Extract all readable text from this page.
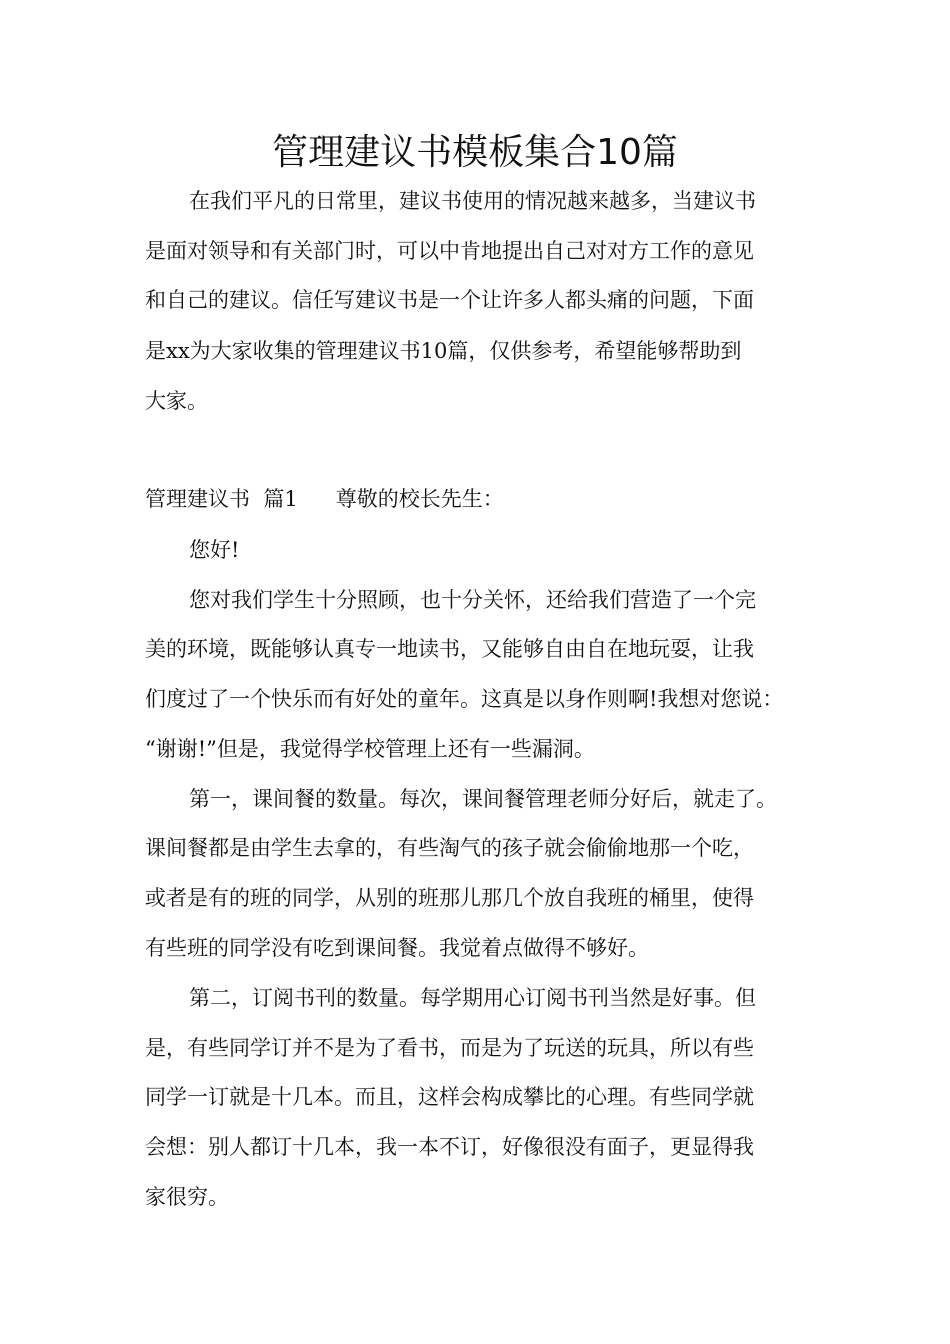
管理建议书模板集合10篇
在我们平凡的日常里，建议书使用的情况越来越多，当建议书
是面对领导和有关部门时，可以中肯地提出自己对对方工作的意见
和自己的建议。信任写建议书是一个让许多人都头痛的问题，下面
是xx为大家收集的管理建议书10篇，仅供参考，希望能够帮助到
大家。
管理建议书  篇1 尊敬的校长先生：
您好!
您对我们学生十分照顾，也十分关怀，还给我们营造了一个完
美的环境，既能够认真专一地读书，又能够自由自在地玩耍，让我
们度过了一个快乐而有好处的童年。这真是以身作则啊!我想对您说：
“谢谢!”但是，我觉得学校管理上还有一些漏洞。
第一，课间餐的数量。每次，课间餐管理老师分好后，就走了。
课间餐都是由学生去拿的，有些淘气的孩子就会偷偷地那一个吃，
或者是有的班的同学，从别的班那儿那几个放自我班的桶里，使得
有些班的同学没有吃到课间餐。我觉着点做得不够好。
第二，订阅书刊的数量。每学期用心订阅书刊当然是好事。但
是，有些同学订并不是为了看书，而是为了玩送的玩具，所以有些
同学一订就是十几本。而且，这样会构成攀比的心理。有些同学就
会想：别人都订十几本，我一本不订，好像很没有面子，更显得我
家很穷。
